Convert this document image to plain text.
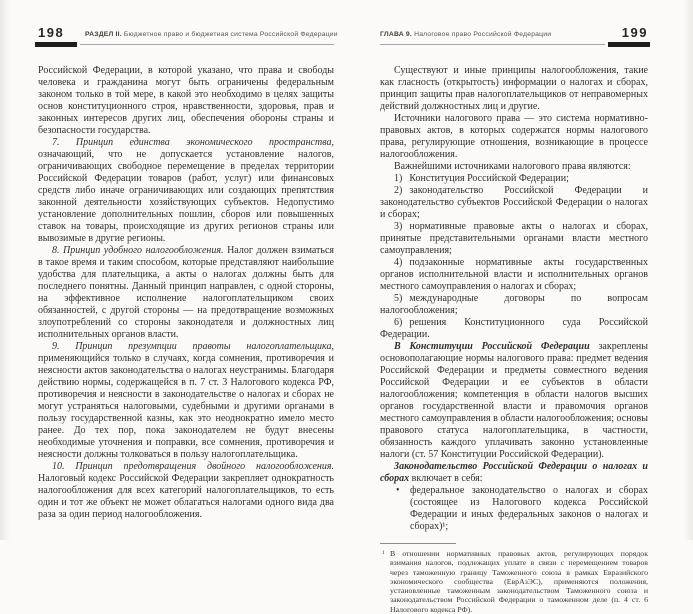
198	РАЗДЕЛ II. Бюджетное право и бюджетная система Российской Федерации

Российской Федерации, в которой указано, что права и свободы человека и гражданина могут быть ограничены федеральным законом только в той мере, в какой это необходимо в целях защиты основ конституционного строя, нравственности, здоровья, прав и законных интересов других лиц, обеспечения обороны страны и безопасности государства.

7. Принцип единства экономического пространства, означающий, что не допускается установление налогов, ограничивающих свободное перемещение в пределах территории Российской Федерации товаров (работ, услуг) или финансовых средств либо иначе ограничивающих или создающих препятствия законной деятельности хозяйствующих субъектов. Недопустимо установление дополнительных пошлин, сборов или повышенных ставок на товары, происходящие из других регионов страны или вывозимые в другие регионы.

8. Принцип удобного налогообложения. Налог должен взиматься в такое время и таким способом, которые представляют наибольшие удобства для плательщика, а акты о налогах должны быть для последнего понятны. Данный принцип направлен, с одной стороны, на эффективное исполнение налогоплательщиком своих обязанностей, с другой стороны — на предотвращение возможных злоупотреблений со стороны законодателя и должностных лиц исполнительных органов власти.

9. Принцип презумпции правоты налогоплательщика, применяющийся только в случаях, когда сомнения, противоречия и неясности актов законодательства о налогах неустранимы. Благодаря действию нормы, содержащейся в п. 7 ст. 3 Налогового кодекса РФ, противоречия и неясности в законодательстве о налогах и сборах не могут устраняться налоговыми, судебными и другими органами в пользу государственной казны, как это неоднократно имело место ранее. До тех пор, пока законодателем не будут внесены необходимые уточнения и поправки, все сомнения, противоречия и неясности должны толковаться в пользу налогоплательщика.

10. Принцип предотвращения двойного налогообложения. Налоговый кодекс Российской Федерации закрепляет однократность налогообложения для всех категорий налогоплательщиков, то есть один и тот же объект не может облагаться налогами одного вида два раза за один период налогообложения.

ГЛАВА 9. Налоговое право Российской Федерации	199

Существуют и иные принципы налогообложения, такие как гласность (открытость) информации о налогах и сборах, принцип защиты прав налогоплательщиков от неправомерных действий должностных лиц и другие.

Источники налогового права — это система нормативно-правовых актов, в которых содержатся нормы налогового права, регулирующие отношения, возникающие в процессе налогообложения.

Важнейшими источниками налогового права являются:

1) Конституция Российской Федерации;

2) законодательство Российской Федерации и законодательство субъектов Российской Федерации о налогах и сборах;

3) нормативные правовые акты о налогах и сборах, принятые представительными органами власти местного самоуправления;

4) подзаконные нормативные акты государственных органов исполнительной власти и исполнительных органов местного самоуправления о налогах и сборах;

5) международные договоры по вопросам налогообложения;

6) решения Конституционного суда Российской Федерации.

В Конституции Российской Федерации закреплены основополагающие нормы налогового права: предмет ведения Российской Федерации и предметы совместного ведения Российской Федерации и ее субъектов в области налогообложения; компетенция в области налогов высших органов государственной власти и правомочия органов местного самоуправления в области налогообложения; основы правового статуса налогоплательщика, в частности, обязанность каждого уплачивать законно установленные налоги (ст. 57 Конституции Российской Федерации).

Законодательство Российской Федерации о налогах и сборах включает в себя:

• федеральное законодательство о налогах и сборах (состоящее из Налогового кодекса Российской Федерации и иных федеральных законов о налогах и сборах)¹;

1 В отношении нормативных правовых актов, регулирующих порядок взимания налогов, подлежащих уплате в связи с перемещением товаров через таможенную границу Таможенного союза в рамках Евразийского экономического сообщества (ЕврАзЭС), применяются положения, установленные таможенным законодательством Таможенного союза и законодательством Российской Федерации о таможенном деле (п. 4 ст. 6 Налогового кодекса РФ).
